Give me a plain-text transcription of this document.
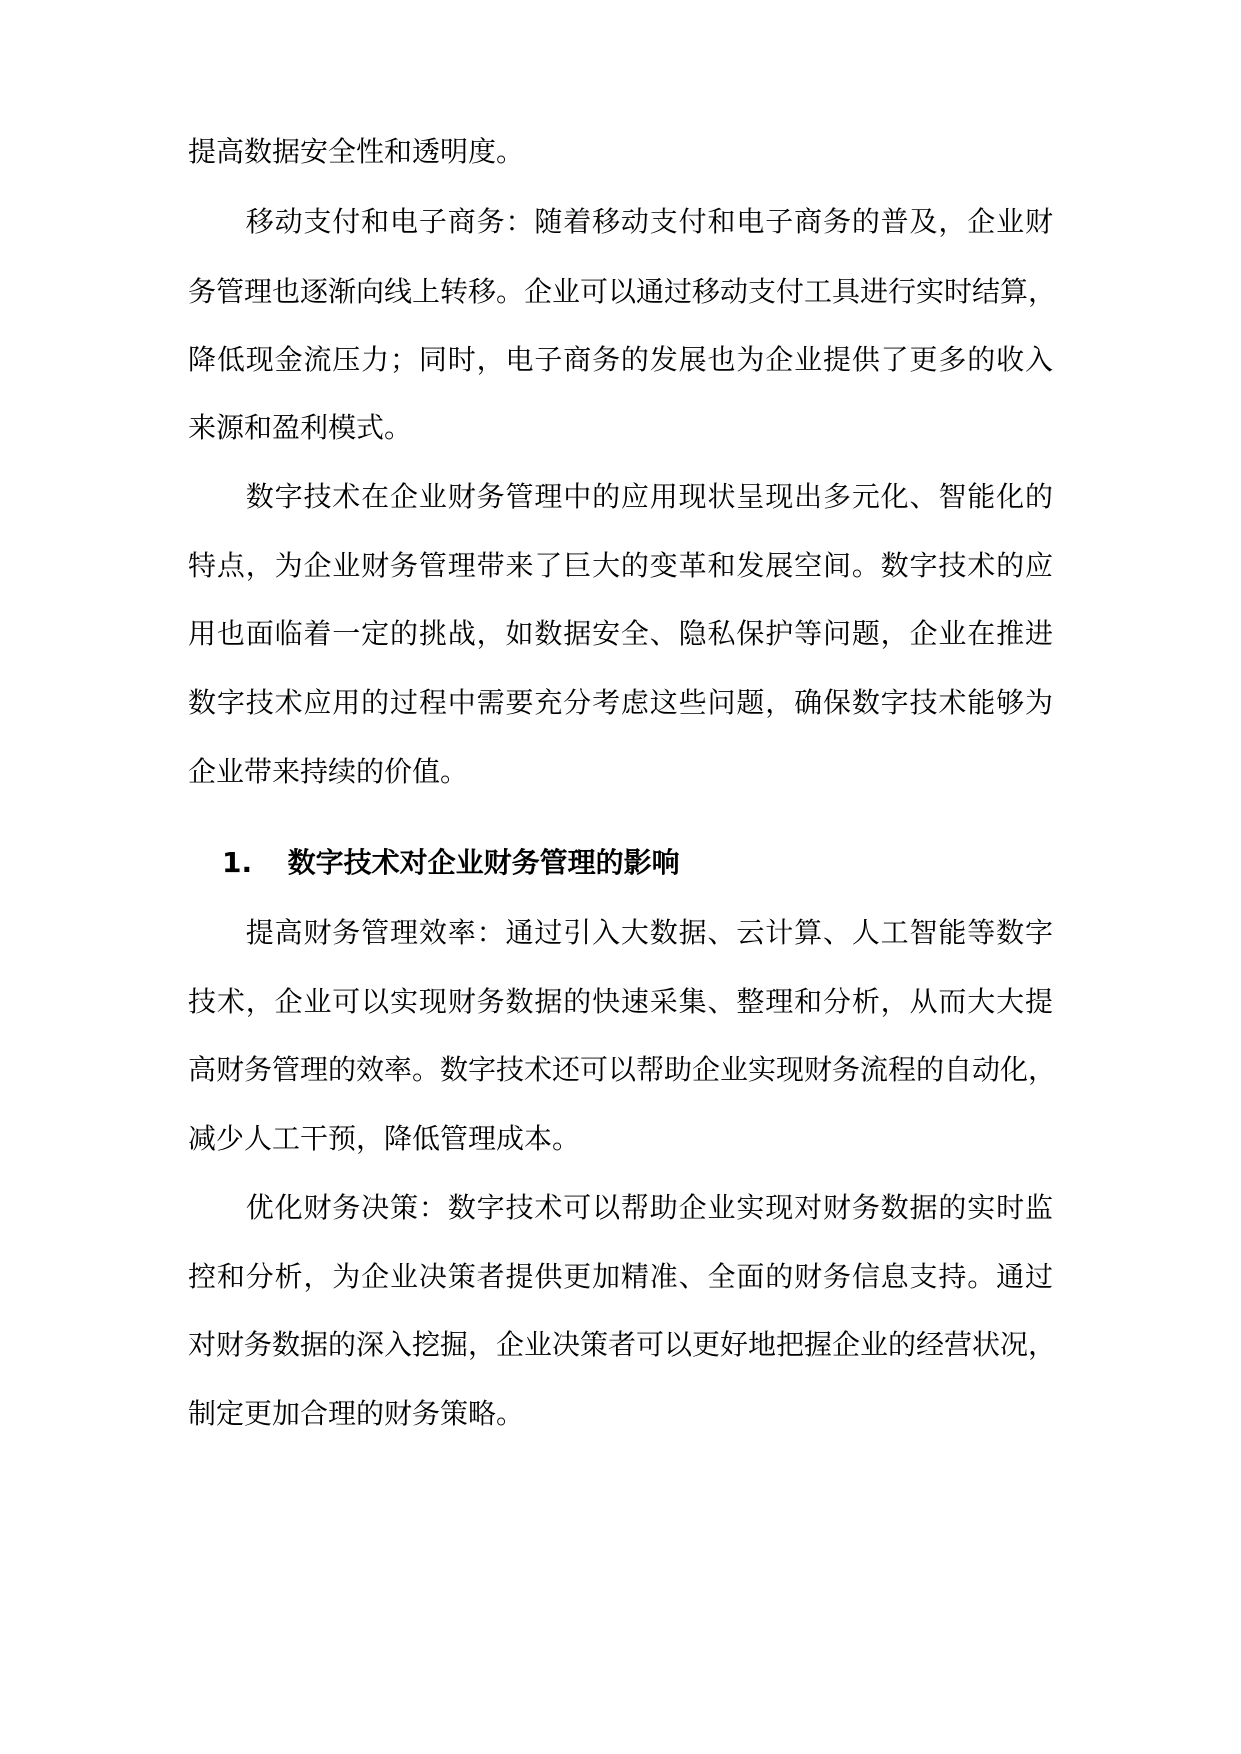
提高数据安全性和透明度。
　　移动支付和电子商务：随着移动支付和电子商务的普及，企业财
务管理也逐渐向线上转移。企业可以通过移动支付工具进行实时结算，
降低现金流压力；同时，电子商务的发展也为企业提供了更多的收入
来源和盈利模式。
　　数字技术在企业财务管理中的应用现状呈现出多元化、智能化的
特点，为企业财务管理带来了巨大的变革和发展空间。数字技术的应
用也面临着一定的挑战，如数据安全、隐私保护等问题，企业在推进
数字技术应用的过程中需要充分考虑这些问题，确保数字技术能够为
企业带来持续的价值。
1. 数字技术对企业财务管理的影响
　　提高财务管理效率：通过引入大数据、云计算、人工智能等数字
技术，企业可以实现财务数据的快速采集、整理和分析，从而大大提
高财务管理的效率。数字技术还可以帮助企业实现财务流程的自动化，
减少人工干预，降低管理成本。
　　优化财务决策：数字技术可以帮助企业实现对财务数据的实时监
控和分析，为企业决策者提供更加精准、全面的财务信息支持。通过
对财务数据的深入挖掘，企业决策者可以更好地把握企业的经营状况，
制定更加合理的财务策略。
